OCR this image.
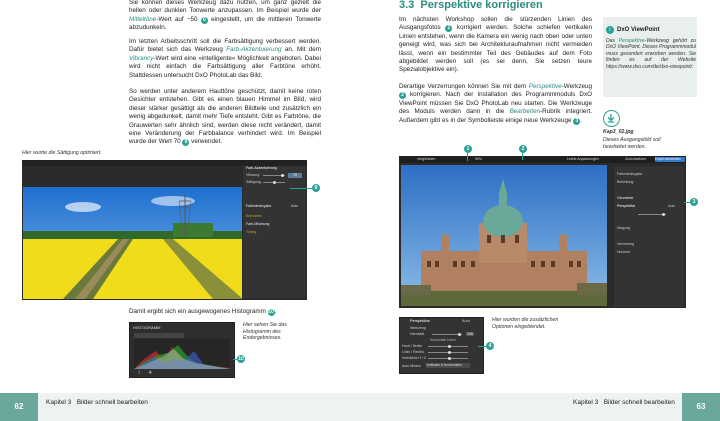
Sie können dieses Werkzeug dazu nutzen, um ganz gezielt die hellen oder dunklen Tonwerte anzupassen. Im Beispiel wurde der Mitteltöne-Wert auf −50 6 eingestellt, um die mittleren Tonwerte abzudunkeln.
Im letzten Arbeitsschritt soll die Farbsättigung verbessert werden. Dafür bietet sich das Werkzeug Farb-Akzentuierung an. Mit dem Vibrancy-Wert wird eine »intelligente« Möglichkeit angeboten. Dabei wird nicht einfach die Farbsättigung aller Farbtöne erhöht. Stattdessen untersucht DxO PhotoLab das Bild.
So werden unter anderem Hauttöne geschützt, damit keine roten Gesichter entstehen. Gibt es einen blauen Himmel im Bild, wird dieser stärker gesättigt als die anderen Bildteile und zusätzlich ein wenig abgedunkelt, damit mehr Tiefe entsteht. Gibt es Farbtöne, die Grauwerten sehr ähnlich sind, werden diese nicht verändert, damit eine Veränderung der Farbbalance verhindert wird. Im Beispiel wurde der Wert 70 9 verwendet.
Hier wurde die Sättigung optimiert.
Farb-Akzentuierung
Vibrancy	70
Sättigung
Farbwiedergabe	Auto
Szenarien
Farb-Mischung
Toning
9
Damit ergibt sich ein ausgewogenes Histogramm 10.
HISTOGRAMM
☽ ☀
10
Hier sehen Sie das Histogramm des Endergebnisses.
62	Kapitel 3   Bilder schnell bearbeiten
3.3 Perspektive korrigieren
Im nächsten Workshop sollen die stürzenden Linien des Ausgangsfotos 1 korrigiert werden. Solche schiefen vertikalen Linien entstehen, wenn die Kamera ein wenig nach oben oder unten geneigt wird, was sich bei Architekturaufnahmen nicht vermeiden lässt, wenn ein bestimmter Teil des Gebäudes auf dem Foto abgebildet werden soll (es sei denn, Sie setzen teure Spezialobjektive ein).
Derartige Verzerrungen können Sie mit dem Perspektive-Werkzeug 2 korrigieren. Nach der Installation des Programmmoduls DxO ViewPoint müssen Sie DxO PhotoLab neu starten. Die Werkzeuge des Moduls werden dann in die Bearbeiten-Rubrik integriert. Außerdem gibt es in der Symbolleiste einige neue Werkzeuge 3 .
DxO ViewPoint
i
Das Perspektive-Werkzeug gehört zu DxO ViewPoint. Dieses Programmmodul muss gesondert erworben werden. Sie finden es auf der Website https://www.dxo.com/de/dxo-viewpoint/.
Kap3_02.jpg
Dieses Ausgangsbild soll bearbeitet werden.
Vergleichen	50%	Letzte Anpassungen	Zurücksetzen	Export anwenden
Farbwiedergabe
Belichtung
Geometrie
Perspektive	Auto
Neigung
Verzerrung
Horizont
1	2
3
Perspektive	Auto
Werkzeug
Intensität	100
Horizontale Linien
Hoch / Breite
Links / Rechts
Verhältnis H / V
Auto-Modus Vertikalen & Horizontalen
4
Hier wurden die zusätzlichen Optionen eingeblendet.
Kapitel 3   Bilder schnell bearbeiten	63
